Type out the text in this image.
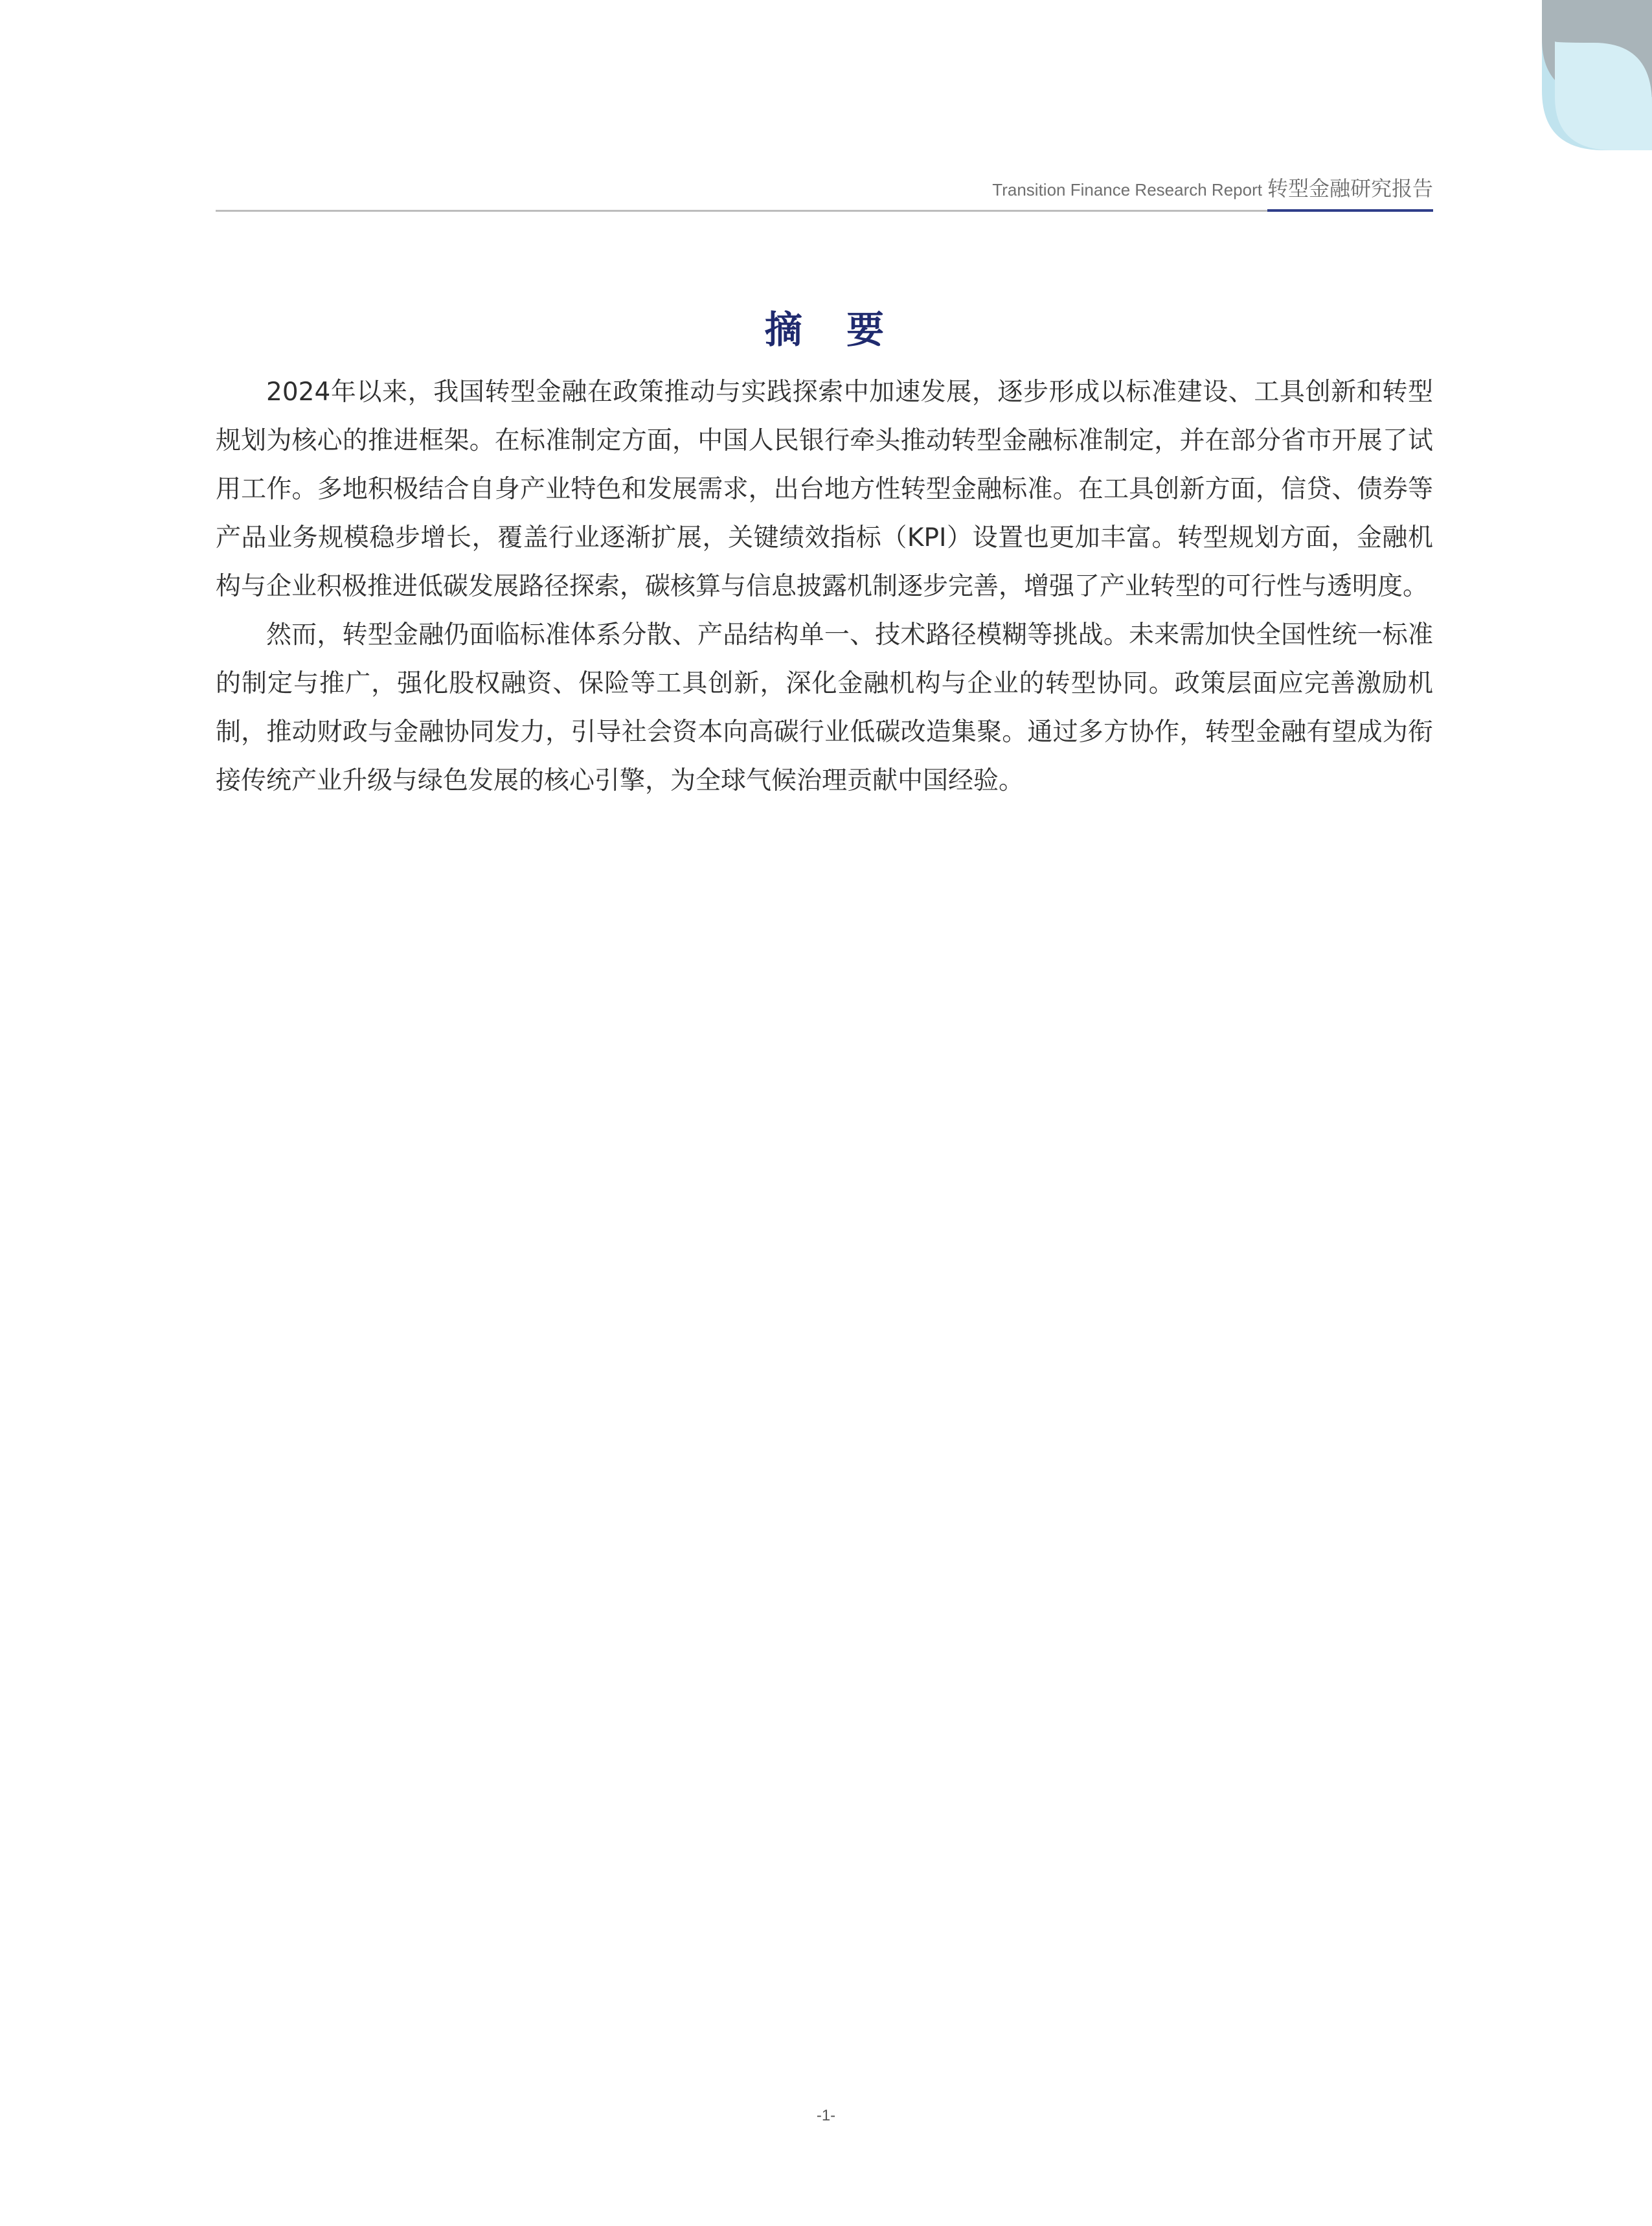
Transition Finance Research Report 转型金融研究报告
摘 要

2024年以来，我国转型金融在政策推动与实践探索中加速发展，逐步形成以标准建设、工具创新和转型规划为核心的推进框架。在标准制定方面，中国人民银行牵头推动转型金融标准制定，并在部分省市开展了试用工作。多地积极结合自身产业特色和发展需求，出台地方性转型金融标准。在工具创新方面，信贷、债券等产品业务规模稳步增长，覆盖行业逐渐扩展，关键绩效指标（KPI）设置也更加丰富。转型规划方面，金融机构与企业积极推进低碳发展路径探索，碳核算与信息披露机制逐步完善，增强了产业转型的可行性与透明度。

然而，转型金融仍面临标准体系分散、产品结构单一、技术路径模糊等挑战。未来需加快全国性统一标准的制定与推广，强化股权融资、保险等工具创新，深化金融机构与企业的转型协同。政策层面应完善激励机制，推动财政与金融协同发力，引导社会资本向高碳行业低碳改造集聚。通过多方协作，转型金融有望成为衔接传统产业升级与绿色发展的核心引擎，为全球气候治理贡献中国经验。

-1-
